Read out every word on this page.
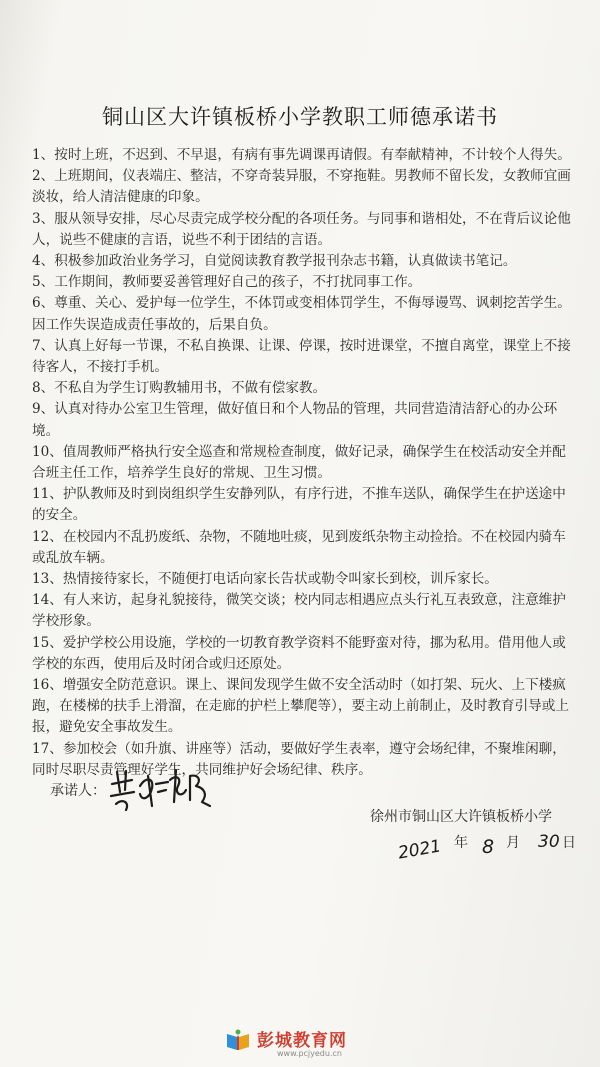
铜山区大许镇板桥小学教职工师德承诺书
1、按时上班，不迟到、不早退，有病有事先调课再请假。有奉献精神，不计较个人得失。
2、上班期间，仪表端庄、整洁，不穿奇装异服，不穿拖鞋。男教师不留长发，女教师宜画淡妆，给人清洁健康的印象。
3、服从领导安排，尽心尽责完成学校分配的各项任务。与同事和谐相处，不在背后议论他人，说些不健康的言语，说些不利于团结的言语。
4、积极参加政治业务学习，自觉阅读教育教学报刊杂志书籍，认真做读书笔记。
5、工作期间，教师要妥善管理好自己的孩子，不打扰同事工作。
6、尊重、关心、爱护每一位学生，不体罚或变相体罚学生，不侮辱谩骂、讽刺挖苦学生。因工作失误造成责任事故的，后果自负。
7、认真上好每一节课，不私自换课、让课、停课，按时进课堂，不擅自离堂，课堂上不接待客人，不接打手机。
8、不私自为学生订购教辅用书，不做有偿家教。
9、认真对待办公室卫生管理，做好值日和个人物品的管理，共同营造清洁舒心的办公环境。
10、值周教师严格执行安全巡查和常规检查制度，做好记录，确保学生在校活动安全并配合班主任工作，培养学生良好的常规、卫生习惯。
11、护队教师及时到岗组织学生安静列队，有序行进，不推车送队，确保学生在护送途中的安全。
12、在校园内不乱扔废纸、杂物，不随地吐痰，见到废纸杂物主动捡拾。不在校园内骑车或乱放车辆。
13、热情接待家长，不随便打电话向家长告状或勒令叫家长到校，训斥家长。
14、有人来访，起身礼貌接待，微笑交谈；校内同志相遇应点头行礼互表致意，注意维护学校形象。
15、爱护学校公用设施，学校的一切教育教学资料不能野蛮对待，挪为私用。借用他人或学校的东西，使用后及时闭合或归还原处。
16、增强安全防范意识。课上、课间发现学生做不安全活动时（如打架、玩火、上下楼疯跑，在楼梯的扶手上滑溜，在走廊的护栏上攀爬等），要主动上前制止，及时教育引导或上报，避免安全事故发生。
17、参加校会（如升旗、讲座等）活动，要做好学生表率，遵守会场纪律，不聚堆闲聊，同时尽职尽责管理好学生，共同维护好会场纪律、秩序。
承诺人：
徐州市铜山区大许镇板桥小学
2021 年 8 月 30 日
彭城教育网
www.pcjyedu.cn
